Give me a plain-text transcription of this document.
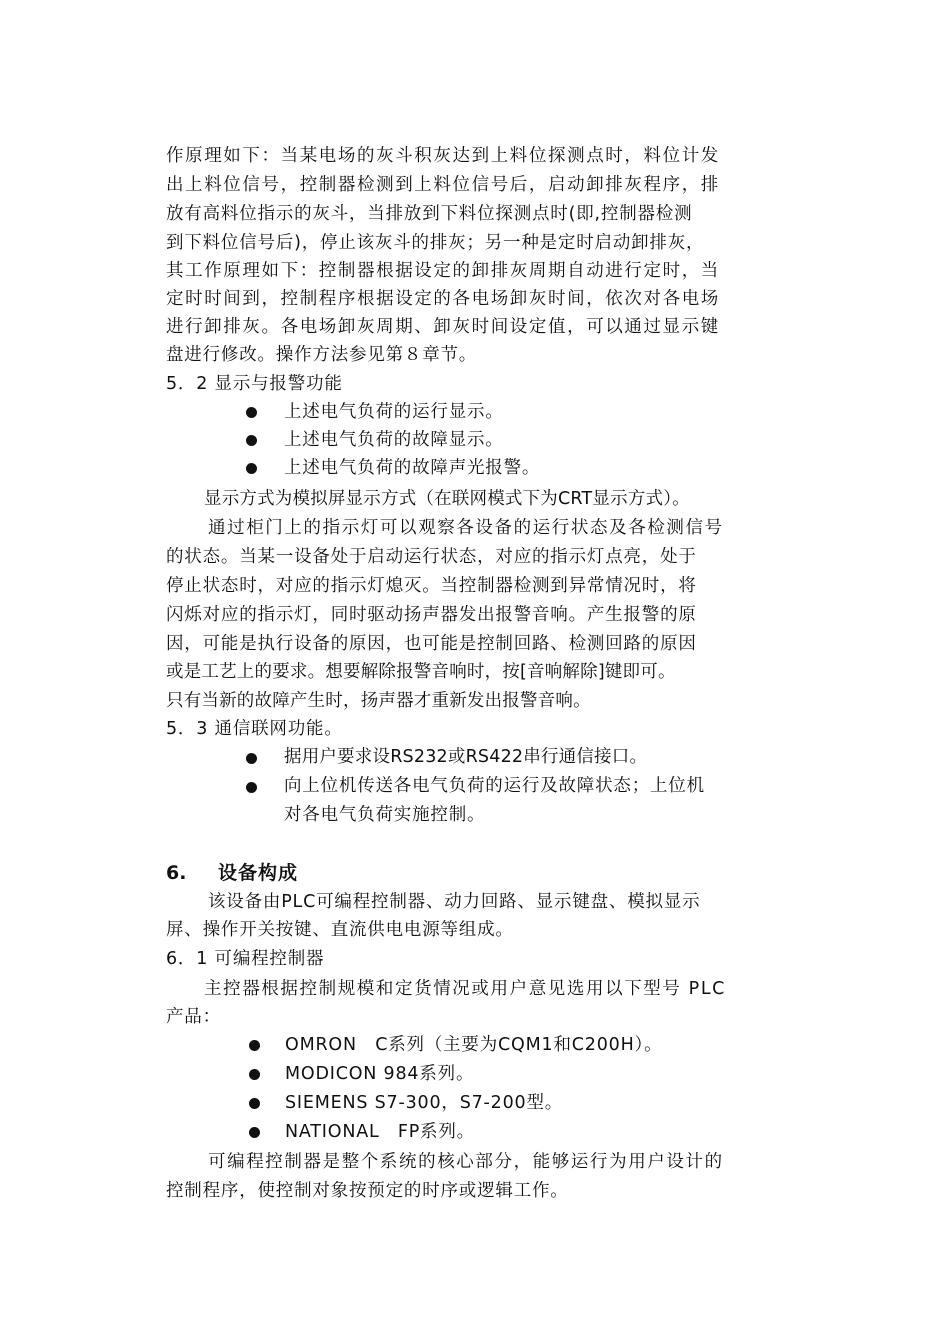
作原理如下：当某电场的灰斗积灰达到上料位探测点时，料位计发
出上料位信号，控制器检测到上料位信号后，启动卸排灰程序，排
放有高料位指示的灰斗，当排放到下料位探测点时(即,控制器检测
到下料位信号后)，停止该灰斗的排灰；另一种是定时启动卸排灰，
其工作原理如下：控制器根据设定的卸排灰周期自动进行定时，当
定时时间到，控制程序根据设定的各电场卸灰时间，依次对各电场
进行卸排灰。各电场卸灰周期、卸灰时间设定值，可以通过显示键
盘进行修改。操作方法参见第８章节。
5．2 显示与报警功能
上述电气负荷的运行显示。
上述电气负荷的故障显示。
上述电气负荷的故障声光报警。
显示方式为模拟屏显示方式（在联网模式下为CRT显示方式）。
通过柜门上的指示灯可以观察各设备的运行状态及各检测信号
的状态。当某一设备处于启动运行状态，对应的指示灯点亮，处于
停止状态时，对应的指示灯熄灭。当控制器检测到异常情况时，将
闪烁对应的指示灯，同时驱动扬声器发出报警音响。产生报警的原
因，可能是执行设备的原因，也可能是控制回路、检测回路的原因
或是工艺上的要求。想要解除报警音响时，按[音响解除]键即可。
只有当新的故障产生时，扬声器才重新发出报警音响。
5．3 通信联网功能。
据用户要求设RS232或RS422串行通信接口。
向上位机传送各电气负荷的运行及故障状态；上位机
对各电气负荷实施控制。
6. 设备构成
该设备由PLC可编程控制器、动力回路、显示键盘、模拟显示
屏、操作开关按键、直流供电电源等组成。
6．1 可编程控制器
主控器根据控制规模和定货情况或用户意见选用以下型号 PLC
产品：
OMRON　C系列（主要为CQM1和C200H）。
MODICON 984系列。
SIEMENS S7-300，S7-200型。
NATIONAL　FP系列。
可编程控制器是整个系统的核心部分，能够运行为用户设计的
控制程序，使控制对象按预定的时序或逻辑工作。
